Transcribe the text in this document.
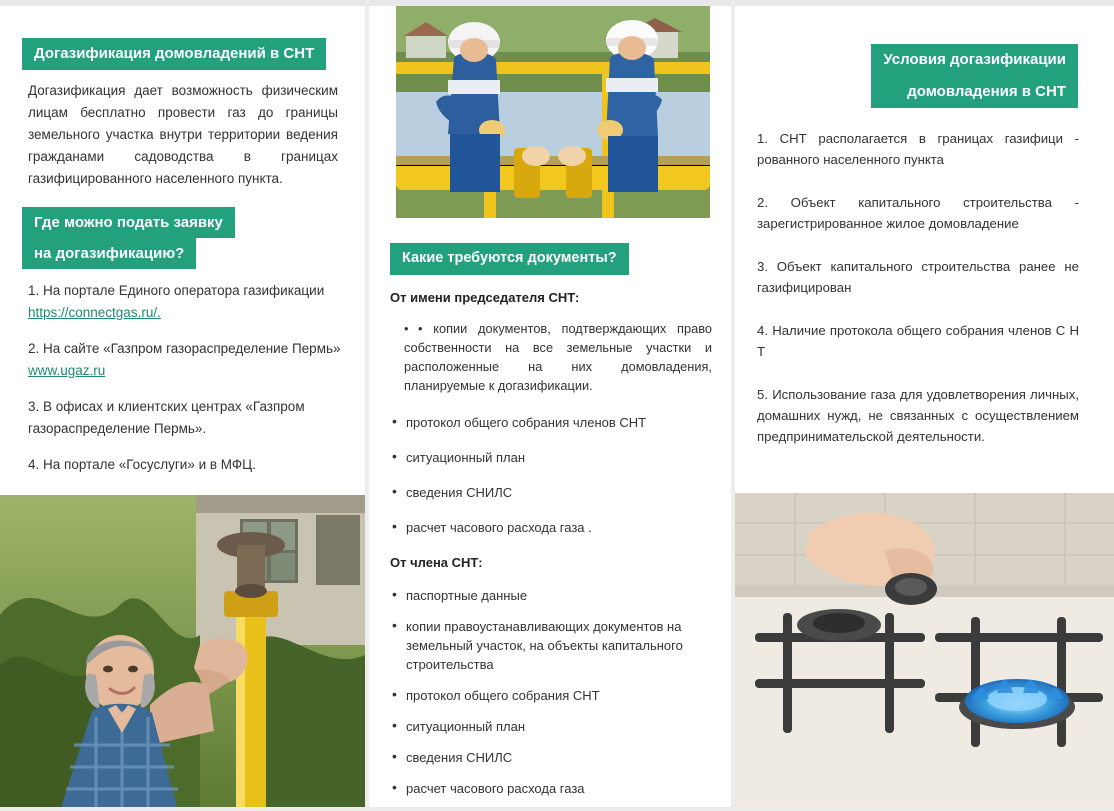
Догазификация домовладений в СНТ
Догазификация дает возможность физическим лицам бесплатно провести газ до границы земельного участка внутри территории ведения гражданами садоводства в границах газифицированного населенного пункта.
Где можно подать заявку
на догазификацию?

1. На портале Единого оператора газификации https://connectgas.ru/.

2. На сайте «Газпром газораспределение Пермь»
www.ugaz.ru

3. В офисах и клиентских центрах «Газпром газораспределение Пермь».

4. На портале «Госуслуги» и в МФЦ.

Какие требуются документы?
От имени председателя СНТ:
• • копии документов, подтверждающих право собственности на все земельные участки и расположенные на них домовладения, планируемые к догазификации.
• протокол общего собрания членов СНТ
• ситуационный план
• сведения СНИЛС
• расчет часового расхода газа .
От члена СНТ:
• паспортные данные
• копии правоустанавливающих документов на земельный участок, на объекты капитального строительства
• протокол общего собрания СНТ
• ситуационный план
• сведения СНИЛС
• расчет часового расхода газа
Условия догазификации
домовладения в СНТ
1. СНТ располагается в границах газифици - рованного населенного пункта
2. Объект капитального строительства - зарегистрированное жилое домовладение
3. Объект капитального строительства ранее не газифицирован
4. Наличие протокола общего собрания членов С Н Т
5. Использование газа для удовлетворения личных, домашних нужд, не связанных с осуществлением предпринимательской деятельности.
